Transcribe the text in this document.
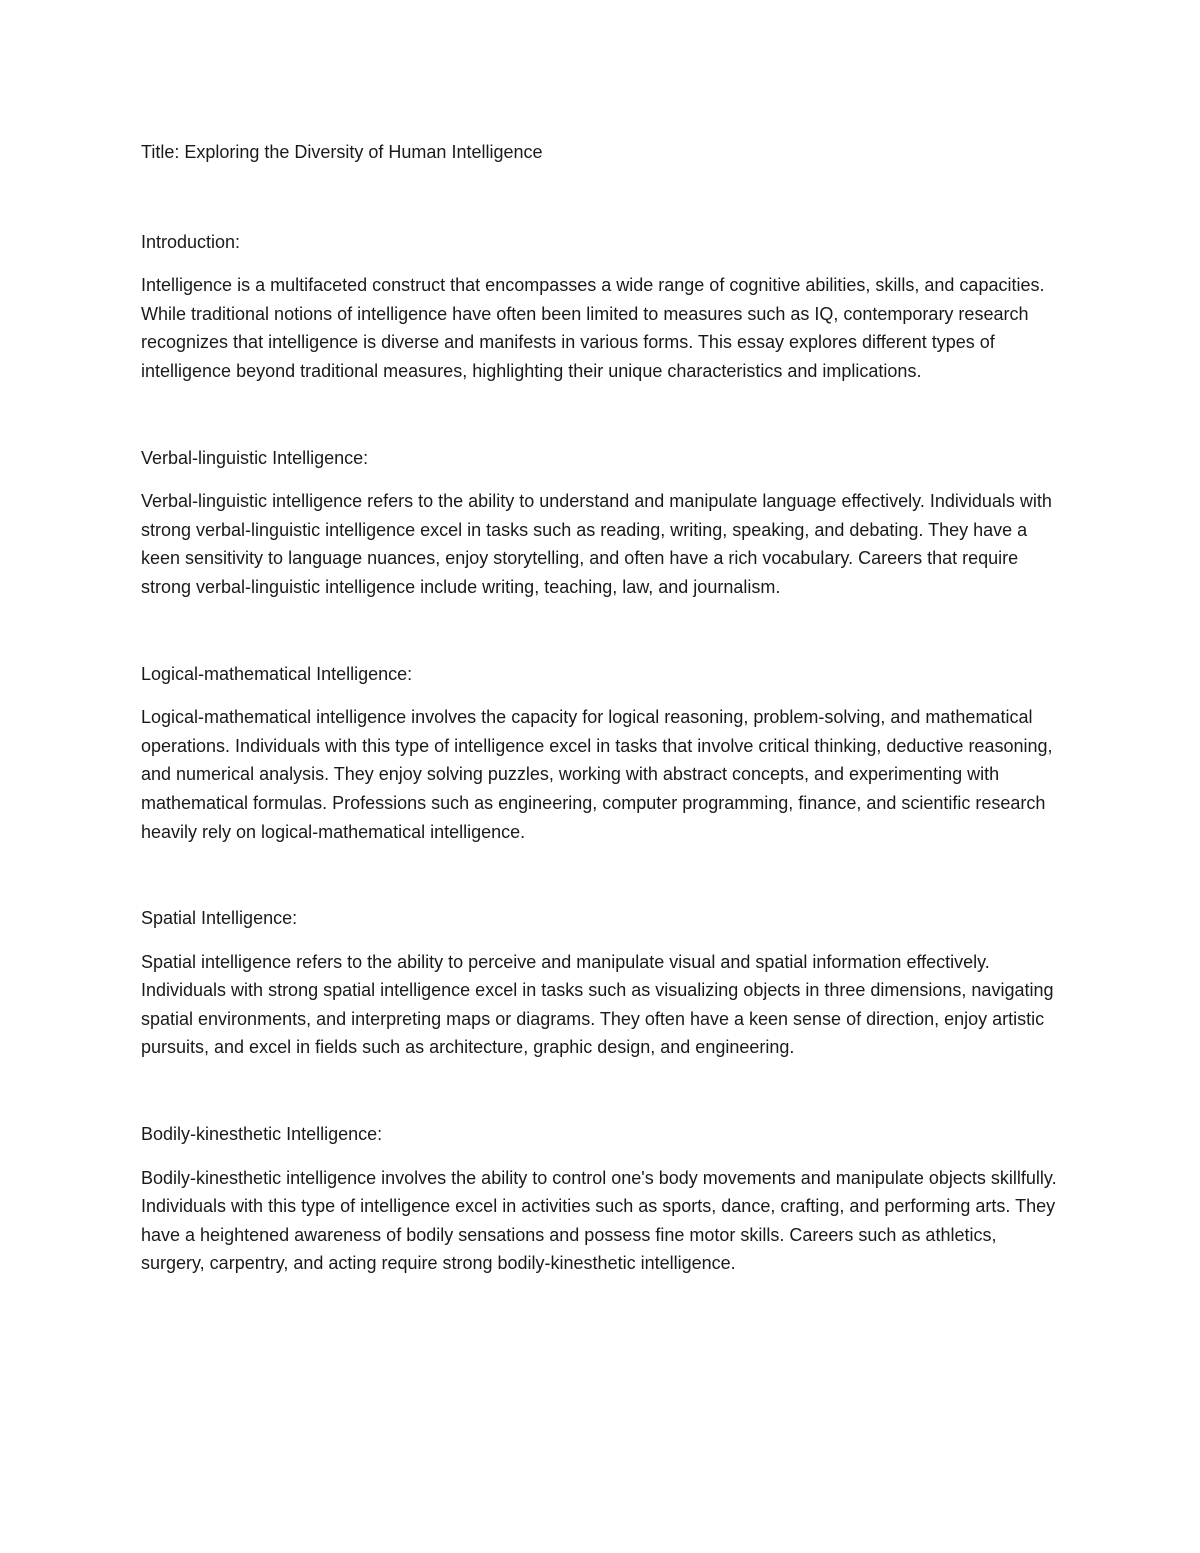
Title: Exploring the Diversity of Human Intelligence
Introduction:

Intelligence is a multifaceted construct that encompasses a wide range of cognitive abilities, skills, and capacities. While traditional notions of intelligence have often been limited to measures such as IQ, contemporary research recognizes that intelligence is diverse and manifests in various forms. This essay explores different types of intelligence beyond traditional measures, highlighting their unique characteristics and implications.

Verbal-linguistic Intelligence:

Verbal-linguistic intelligence refers to the ability to understand and manipulate language effectively. Individuals with strong verbal-linguistic intelligence excel in tasks such as reading, writing, speaking, and debating. They have a keen sensitivity to language nuances, enjoy storytelling, and often have a rich vocabulary. Careers that require strong verbal-linguistic intelligence include writing, teaching, law, and journalism.

Logical-mathematical Intelligence:

Logical-mathematical intelligence involves the capacity for logical reasoning, problem-solving, and mathematical operations. Individuals with this type of intelligence excel in tasks that involve critical thinking, deductive reasoning, and numerical analysis. They enjoy solving puzzles, working with abstract concepts, and experimenting with mathematical formulas. Professions such as engineering, computer programming, finance, and scientific research heavily rely on logical-mathematical intelligence.

Spatial Intelligence:

Spatial intelligence refers to the ability to perceive and manipulate visual and spatial information effectively. Individuals with strong spatial intelligence excel in tasks such as visualizing objects in three dimensions, navigating spatial environments, and interpreting maps or diagrams. They often have a keen sense of direction, enjoy artistic pursuits, and excel in fields such as architecture, graphic design, and engineering.

Bodily-kinesthetic Intelligence:

Bodily-kinesthetic intelligence involves the ability to control one's body movements and manipulate objects skillfully. Individuals with this type of intelligence excel in activities such as sports, dance, crafting, and performing arts. They have a heightened awareness of bodily sensations and possess fine motor skills. Careers such as athletics, surgery, carpentry, and acting require strong bodily-kinesthetic intelligence.
